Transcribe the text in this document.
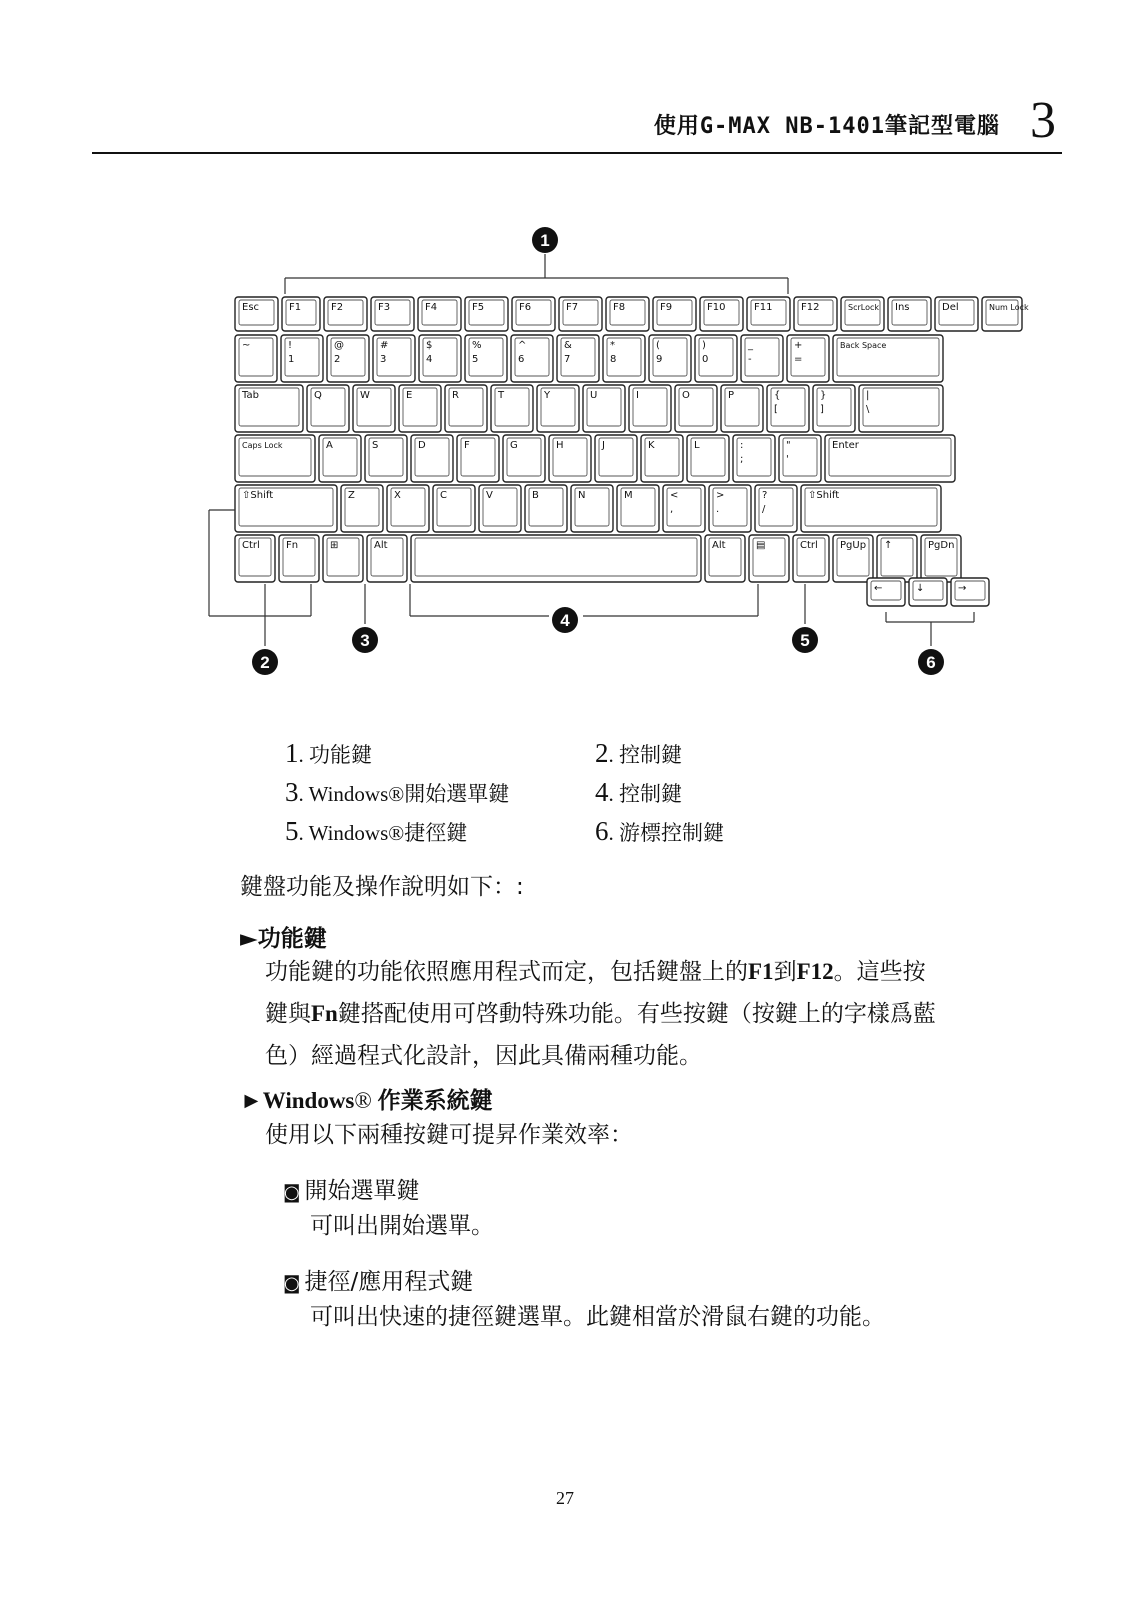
使用G-MAX NB-1401筆記型電腦 3
Esc	F1	F2	F3	F4	F5	F6	F7	F8	F9	F10	F11	F12	ScrLock Ins	Del	Num Lock
~	!
1
@
2
#
3
$
4
%
5
^
6
&
7
*
8
(
9
)
0
_
-
+
=
Back Space
Tab	Q	W	E	R	T	Y	U	I	O	P	{
[
}
]
|
\
Caps Lock	A	S	D	F	G	H	J	K	L	:
;
"
'
Enter
⇧Shift	Z	X	C	V	B	N	M	<
,
>
.
?
/
⇧Shift
Ctrl	Fn	⊞	Alt	Alt	▤	Ctrl PgUp ↑	PgDn
←	↓	→
1
2
3
4
5
6
1. 功能鍵	2. 控制鍵
3. Windows®開始選單鍵	4. 控制鍵
5. Windows®捷徑鍵	6. 游標控制鍵
鍵盤功能及操作說明如下：:
►功能鍵
功能鍵的功能依照應用程式而定，包括鍵盤上的F1到F12。這些按
鍵與Fn鍵搭配使用可啓動特殊功能。有些按鍵（按鍵上的字樣爲藍
色）經過程式化設計，因此具備兩種功能。
►Windows® 作業系統鍵
使用以下兩種按鍵可提昇作業效率：
◙ 開始選單鍵
可叫出開始選單。
◙ 捷徑/應用程式鍵
可叫出快速的捷徑鍵選單。此鍵相當於滑鼠右鍵的功能。
27
